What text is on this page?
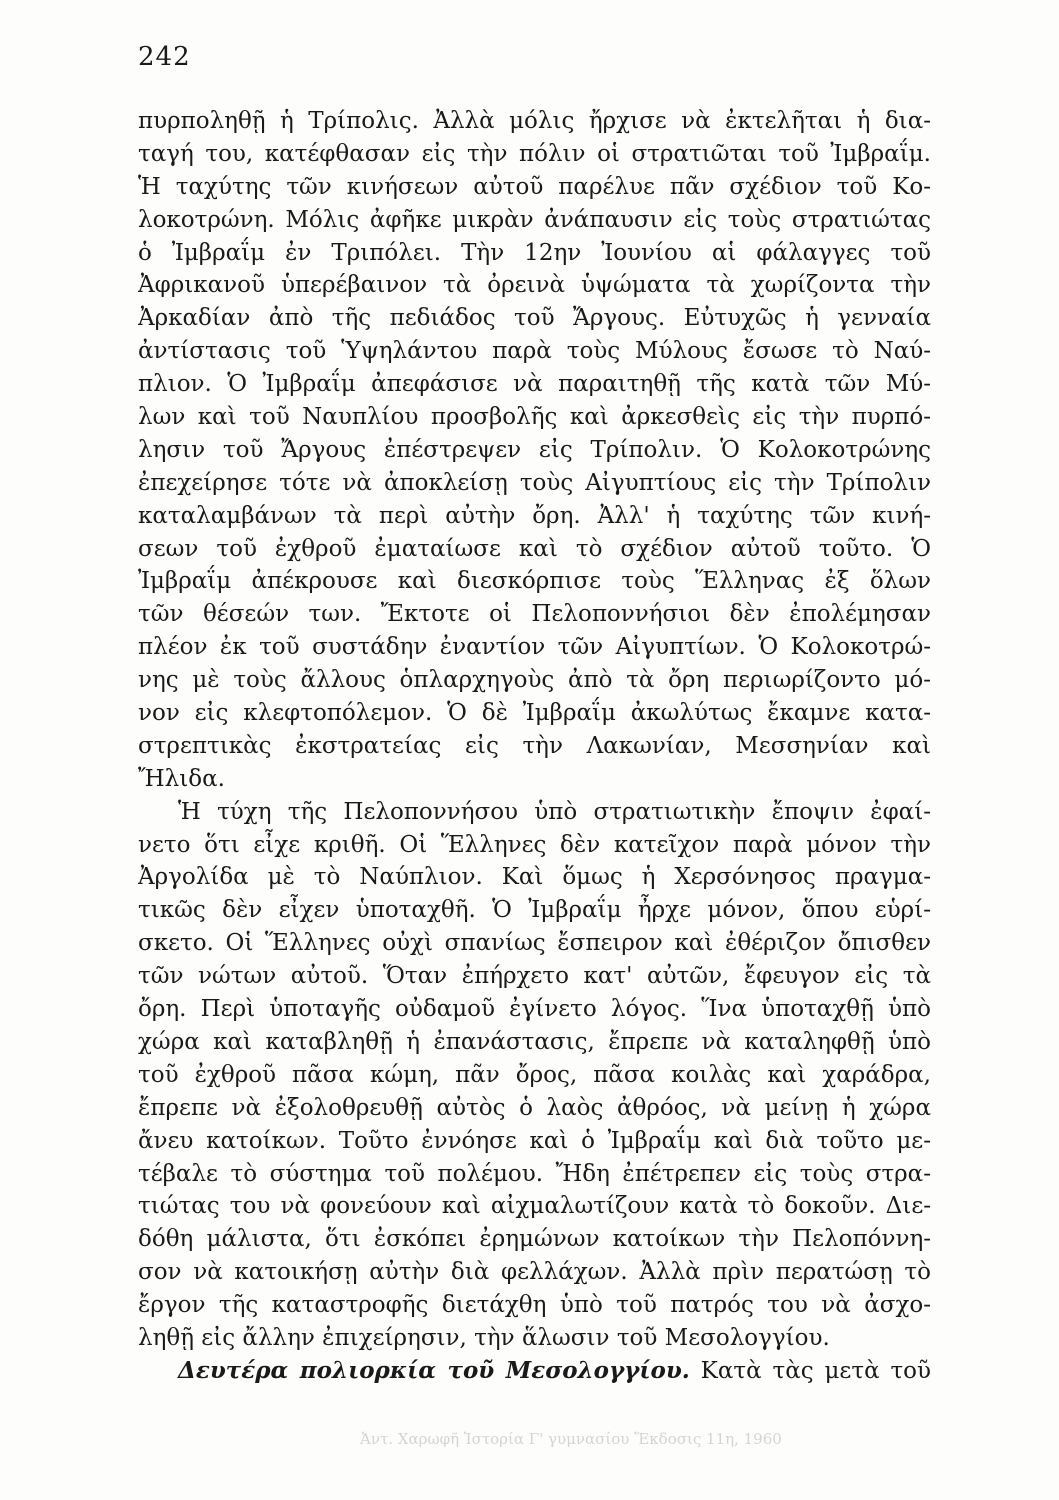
242
πυρποληθῇ ἡ Τρίπολις. Ἀλλὰ μόλις ἤρχισε νὰ ἐκτελῆται ἡ δια-
ταγή του, κατέφθασαν εἰς τὴν πόλιν οἱ στρατιῶται τοῦ Ἰμβραΐμ.
Ἡ ταχύτης τῶν κινήσεων αὐτοῦ παρέλυε πᾶν σχέδιον τοῦ Κο-
λοκοτρώνη. Μόλις ἀφῆκε μικρὰν ἀνάπαυσιν εἰς τοὺς στρατιώτας
ὁ Ἰμβραΐμ ἐν Τριπόλει. Τὴν 12ην Ἰουνίου αἱ φάλαγγες τοῦ
Ἀφρικανοῦ ὑπερέβαινον τὰ ὀρεινὰ ὑψώματα τὰ χωρίζοντα τὴν
Ἀρκαδίαν ἀπὸ τῆς πεδιάδος τοῦ Ἄργους. Εὐτυχῶς ἡ γενναία
ἀντίστασις τοῦ Ὑψηλάντου παρὰ τοὺς Μύλους ἔσωσε τὸ Ναύ-
πλιον. Ὁ Ἰμβραΐμ ἀπεφάσισε νὰ παραιτηθῇ τῆς κατὰ τῶν Μύ-
λων καὶ τοῦ Ναυπλίου προσβολῆς καὶ ἀρκεσθεὶς εἰς τὴν πυρπό-
λησιν τοῦ Ἄργους ἐπέστρεψεν εἰς Τρίπολιν. Ὁ Κολοκοτρώνης
ἐπεχείρησε τότε νὰ ἀποκλείσῃ τοὺς Αἰγυπτίους εἰς τὴν Τρίπολιν
καταλαμβάνων τὰ περὶ αὐτὴν ὄρη. Ἀλλ' ἡ ταχύτης τῶν κινή-
σεων τοῦ ἐχθροῦ ἐματαίωσε καὶ τὸ σχέδιον αὐτοῦ τοῦτο. Ὁ
Ἰμβραΐμ ἀπέκρουσε καὶ διεσκόρπισε τοὺς Ἕλληνας ἐξ ὅλων
τῶν θέσεών των. Ἔκτοτε οἱ Πελοποννήσιοι δὲν ἐπολέμησαν
πλέον ἐκ τοῦ συστάδην ἐναντίον τῶν Αἰγυπτίων. Ὁ Κολοκοτρώ-
νης μὲ τοὺς ἄλλους ὁπλαρχηγοὺς ἀπὸ τὰ ὄρη περιωρίζοντο μό-
νον εἰς κλεφτοπόλεμον. Ὁ δὲ Ἰμβραΐμ ἀκωλύτως ἔκαμνε κατα-
στρεπτικὰς ἐκστρατείας εἰς τὴν Λακωνίαν, Μεσσηνίαν καὶ
Ἤλιδα.
Ἡ τύχη τῆς Πελοποννήσου ὑπὸ στρατιωτικὴν ἔποψιν ἐφαί-
νετο ὅτι εἶχε κριθῆ. Οἱ Ἕλληνες δὲν κατεῖχον παρὰ μόνον τὴν
Ἀργολίδα μὲ τὸ Ναύπλιον. Καὶ ὅμως ἡ Χερσόνησος πραγμα-
τικῶς δὲν εἶχεν ὑποταχθῆ. Ὁ Ἰμβραΐμ ἦρχε μόνον, ὅπου εὑρί-
σκετο. Οἱ Ἕλληνες οὐχὶ σπανίως ἔσπειρον καὶ ἐθέριζον ὄπισθεν
τῶν νώτων αὐτοῦ. Ὅταν ἐπήρχετο κατ' αὐτῶν, ἔφευγον εἰς τὰ
ὄρη. Περὶ ὑποταγῆς οὐδαμοῦ ἐγίνετο λόγος. Ἵνα ὑποταχθῇ ὑπὸ
χώρα καὶ καταβληθῇ ἡ ἐπανάστασις, ἔπρεπε νὰ καταληφθῇ ὑπὸ
τοῦ ἐχθροῦ πᾶσα κώμη, πᾶν ὄρος, πᾶσα κοιλὰς καὶ χαράδρα,
ἔπρεπε νὰ ἐξολοθρευθῇ αὐτὸς ὁ λαὸς ἀθρόος, νὰ μείνῃ ἡ χώρα
ἄνευ κατοίκων. Τοῦτο ἐννόησε καὶ ὁ Ἰμβραΐμ καὶ διὰ τοῦτο με-
τέβαλε τὸ σύστημα τοῦ πολέμου. Ἤδη ἐπέτρεπεν εἰς τοὺς στρα-
τιώτας του νὰ φονεύουν καὶ αἰχμαλωτίζουν κατὰ τὸ δοκοῦν. Διε-
δόθη μάλιστα, ὅτι ἐσκόπει ἐρημώνων κατοίκων τὴν Πελοπόννη-
σον νὰ κατοικήσῃ αὐτὴν διὰ φελλάχων. Ἀλλὰ πρὶν περατώσῃ τὸ
ἔργον τῆς καταστροφῆς διετάχθη ὑπὸ τοῦ πατρός του νὰ ἀσχο-
ληθῇ εἰς ἄλλην ἐπιχείρησιν, τὴν ἅλωσιν τοῦ Μεσολογγίου.
Δευτέρα πολιορκία τοῦ Μεσολογγίου. Κατὰ τὰς μετὰ τοῦ
Ἀντ. Χαρωφῆ Ἱστορία Γ' γυμνασίου Ἔκδοσις 11η, 1960
